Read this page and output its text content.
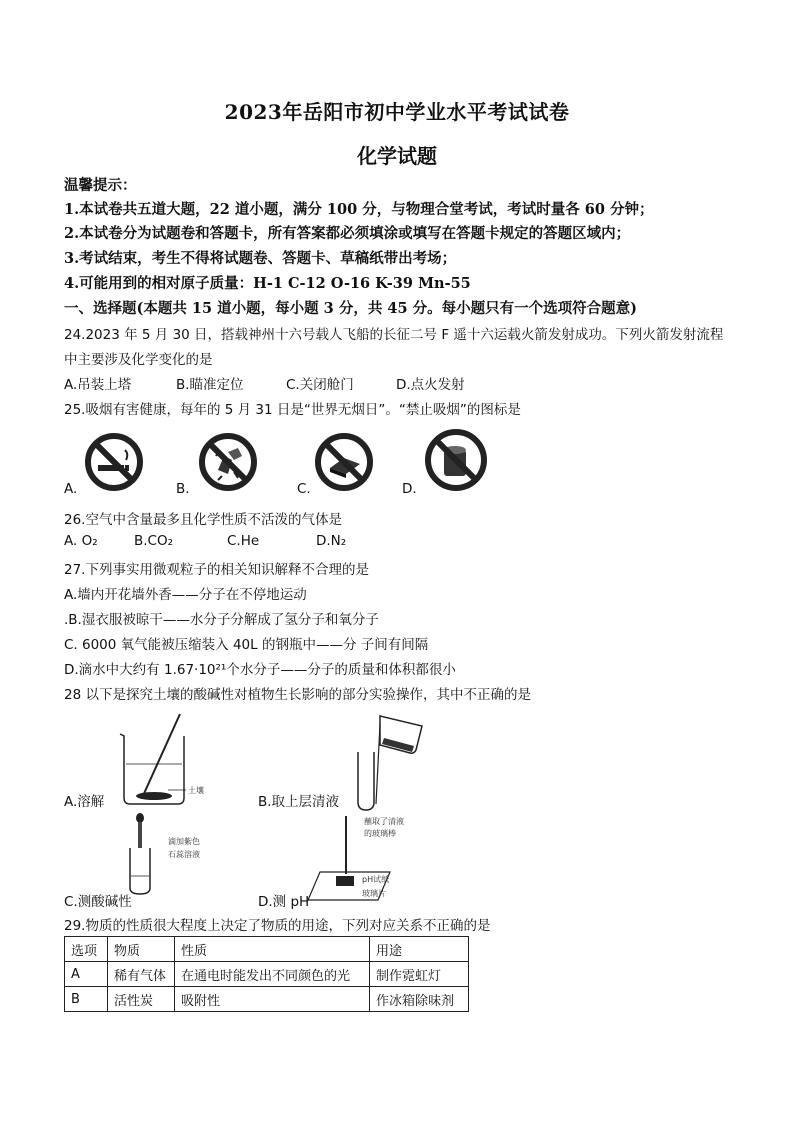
2023年岳阳市初中学业水平考试试卷
化学试题
温馨提示：
1.本试卷共五道大题，22 道小题，满分 100 分，与物理合堂考试，考试时量各 60 分钟；
2.本试卷分为试题卷和答题卡，所有答案都必须填涂或填写在答题卡规定的答题区域内；
3.考试结束，考生不得将试题卷、答题卡、草稿纸带出考场；
4.可能用到的相对原子质量：H-1 C-12 O-16 K-39 Mn-55
一、选择题(本题共 15 道小题，每小题 3 分，共 45 分。每小题只有一个选项符合题意)
24.2023 年 5 月 30 日，搭载神州十六号载人飞船的长征二号 F 遥十六运载火箭发射成功。下列火箭发射流程
中主要涉及化学变化的是
A.吊装上塔	B.瞄准定位	C.关闭舱门	D.点火发射
25.吸烟有害健康，每年的 5 月 31 日是“世界无烟日”。“禁止吸烟”的图标是
A.	B.	C.	D.
26.空气中含量最多且化学性质不活泼的气体是
A. O₂	B.CO₂	C.He	D.N₂
27.下列事实用微观粒子的相关知识解释不合理的是
A.墙内开花墙外香——分子在不停地运动
.B.湿衣服被晾干——水分子分解成了氢分子和氧分子
C. 6000 氧气能被压缩装入 40L 的钢瓶中——分 子间有间隔
D.滴水中大约有 1.67·10²¹个水分子——分子的质量和体积都很小
28 以下是探究土壤的酸碱性对植物生长影响的部分实验操作，其中不正确的是
土壤
A.溶解	B.取上层清液
滴加紫色
石蕊溶液
蘸取了清液
的玻璃棒
pH试纸
玻璃片
C.测酸碱性	D.测 pH
29.物质的性质很大程度上决定了物质的用途，下列对应关系不正确的是
选项	物质	性质	用途
A	稀有气体	在通电时能发出不同颜色的光	制作霓虹灯
B	活性炭	吸附性	作冰箱除味剂
